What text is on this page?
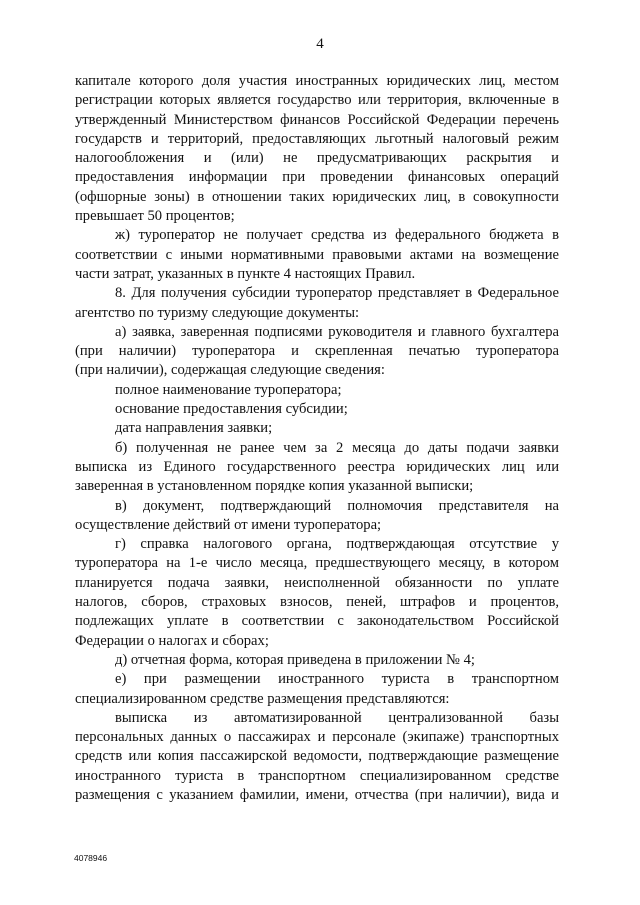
4
капитале которого доля участия иностранных юридических лиц, местом
регистрации которых является государство или территория, включенные в
утвержденный Министерством финансов Российской Федерации перечень
государств и территорий, предоставляющих льготный налоговый режим
налогообложения и (или) не предусматривающих раскрытия и
предоставления информации при проведении финансовых операций
(офшорные зоны) в отношении таких юридических лиц, в совокупности
превышает 50 процентов;
ж) туроператор не получает средства из федерального бюджета в
соответствии с иными нормативными правовыми актами на возмещение
части затрат, указанных в пункте 4 настоящих Правил.
8. Для получения субсидии туроператор представляет в Федеральное
агентство по туризму следующие документы:
а) заявка, заверенная подписями руководителя и главного бухгалтера
(при наличии) туроператора и скрепленная печатью туроператора
(при наличии), содержащая следующие сведения:
полное наименование туроператора;
основание предоставления субсидии;
дата направления заявки;
б) полученная не ранее чем за 2 месяца до даты подачи заявки
выписка из Единого государственного реестра юридических лиц или
заверенная в установленном порядке копия указанной выписки;
в) документ, подтверждающий полномочия представителя на
осуществление действий от имени туроператора;
г) справка налогового органа, подтверждающая отсутствие у
туроператора на 1-е число месяца, предшествующего месяцу, в котором
планируется подача заявки, неисполненной обязанности по уплате
налогов, сборов, страховых взносов, пеней, штрафов и процентов,
подлежащих уплате в соответствии с законодательством Российской
Федерации о налогах и сборах;
д) отчетная форма, которая приведена в приложении № 4;
е) при размещении иностранного туриста в транспортном
специализированном средстве размещения представляются:
выписка из автоматизированной централизованной базы
персональных данных о пассажирах и персонале (экипаже) транспортных
средств или копия пассажирской ведомости, подтверждающие размещение
иностранного туриста в транспортном специализированном средстве
размещения с указанием фамилии, имени, отчества (при наличии), вида и
4078946
